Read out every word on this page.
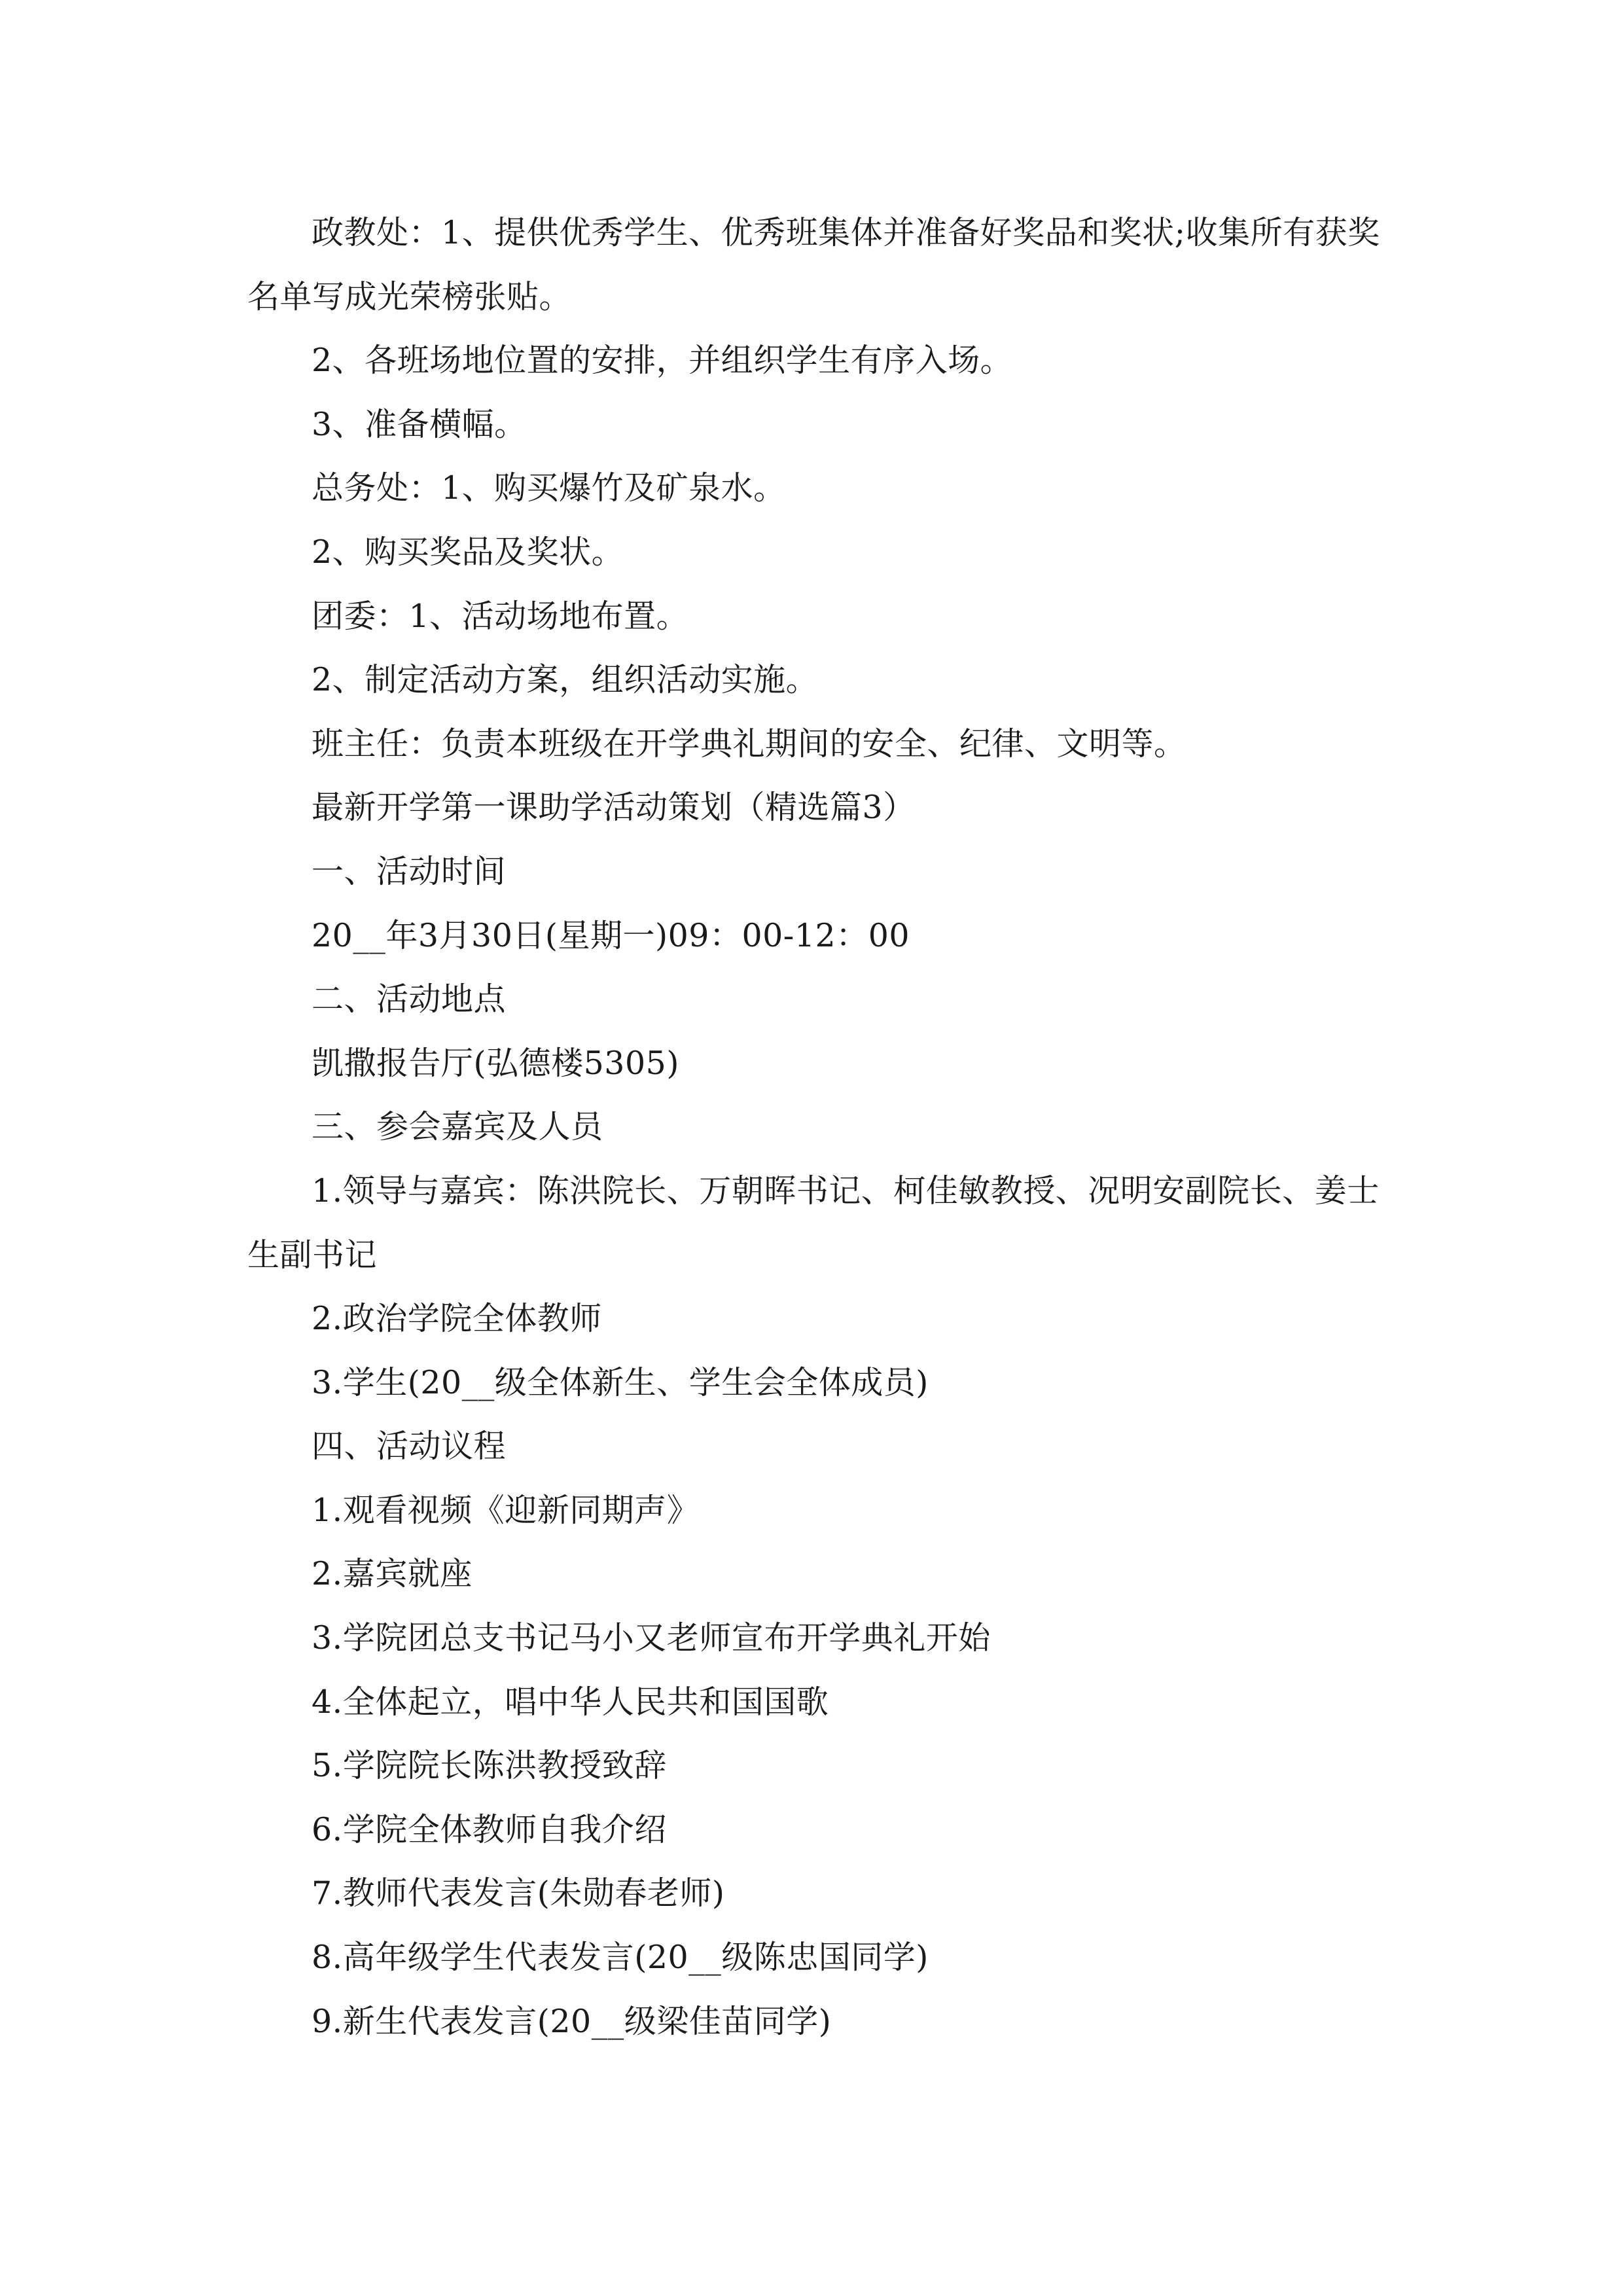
政教处：1、提供优秀学生、优秀班集体并准备好奖品和奖状;收集所有获奖名单写成光荣榜张贴。

2、各班场地位置的安排，并组织学生有序入场。

3、准备横幅。

总务处：1、购买爆竹及矿泉水。

2、购买奖品及奖状。

团委：1、活动场地布置。

2、制定活动方案，组织活动实施。

班主任：负责本班级在开学典礼期间的安全、纪律、文明等。

最新开学第一课助学活动策划（精选篇3）

一、活动时间

20__年3月30日(星期一)09：00-12：00

二、活动地点

凯撒报告厅(弘德楼5305)

三、参会嘉宾及人员

1.领导与嘉宾：陈洪院长、万朝晖书记、柯佳敏教授、况明安副院长、姜士生副书记

2.政治学院全体教师

3.学生(20__级全体新生、学生会全体成员)

四、活动议程

1.观看视频《迎新同期声》

2.嘉宾就座

3.学院团总支书记马小又老师宣布开学典礼开始

4.全体起立，唱中华人民共和国国歌

5.学院院长陈洪教授致辞

6.学院全体教师自我介绍

7.教师代表发言(朱勋春老师)

8.高年级学生代表发言(20__级陈忠国同学)

9.新生代表发言(20__级梁佳苗同学)
